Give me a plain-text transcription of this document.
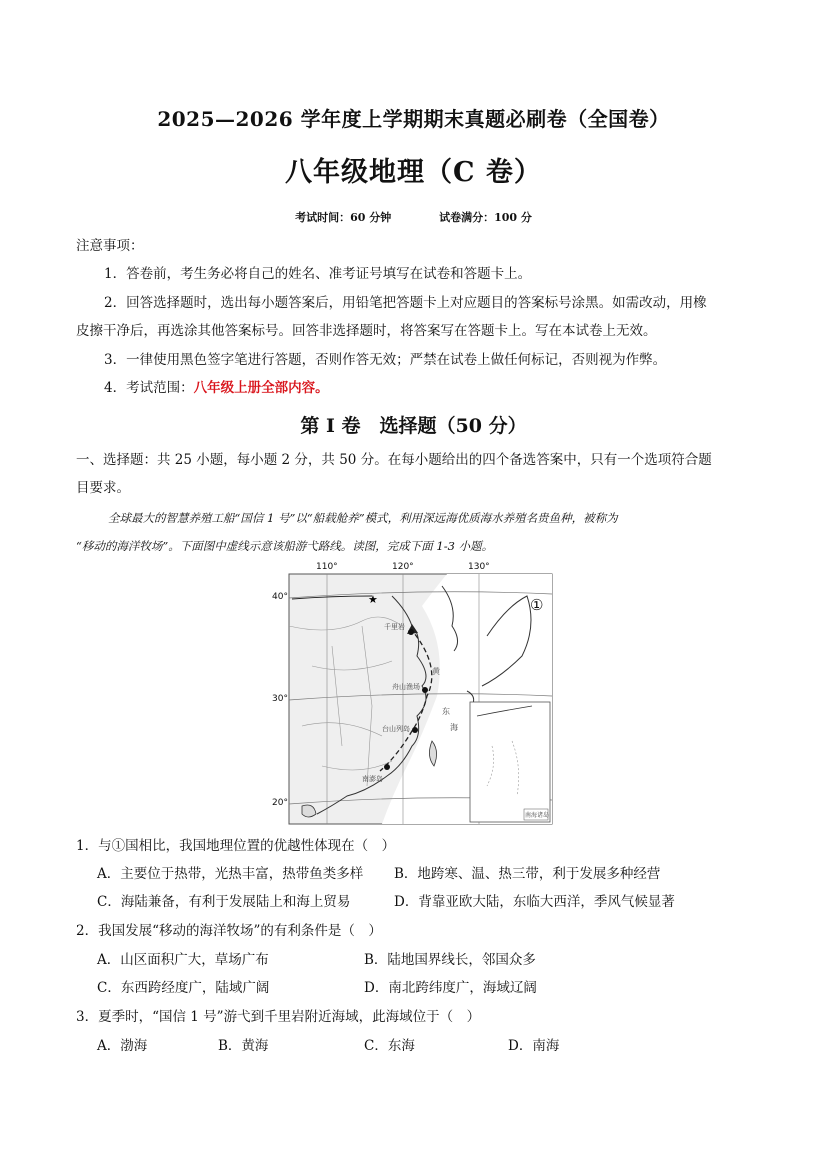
2025—2026 学年度上学期期末真题必刷卷（全国卷）
八年级地理（C 卷）
考试时间：60 分钟	试卷满分：100 分
注意事项：
1．答卷前，考生务必将自己的姓名、准考证号填写在试卷和答题卡上。
2．回答选择题时，选出每小题答案后，用铅笔把答题卡上对应题目的答案标号涂黑。如需改动，用橡
皮擦干净后，再选涂其他答案标号。回答非选择题时，将答案写在答题卡上。写在本试卷上无效。
3．一律使用黑色签字笔进行答题，否则作答无效；严禁在试卷上做任何标记，否则视为作弊。
4．考试范围：八年级上册全部内容。
第 I 卷　选择题（50 分）
一、选择题：共 25 小题，每小题 2 分，共 50 分。在每小题给出的四个备选答案中，只有一个选项符合题
目要求。
全球最大的智慧养殖工船“国信 1 号”以“船载舱养”模式，利用深远海优质海水养殖名贵鱼种，被称为
“移动的海洋牧场”。下面图中虚线示意该船游弋路线。读图，完成下面 1-3 小题。
★
110°	120°	130°
40°
30°
20°
①
千里岩
舟山渔场
台山列岛
南澎岛
黄
东
海
南海诸岛
1．与①国相比，我国地理位置的优越性体现在（　）
A．主要位于热带，光热丰富，热带鱼类多样 B．地跨寒、温、热三带，利于发展多种经营
C．海陆兼备，有利于发展陆上和海上贸易	D．背靠亚欧大陆，东临大西洋，季风气候显著
2．我国发展“移动的海洋牧场”的有利条件是（　）
A．山区面积广大，草场广布	B．陆地国界线长，邻国众多
C．东西跨经度广，陆域广阔	D．南北跨纬度广，海域辽阔
3．夏季时，“国信 1 号”游弋到千里岩附近海域，此海域位于（　）
A．渤海	B．黄海	C．东海	D．南海
